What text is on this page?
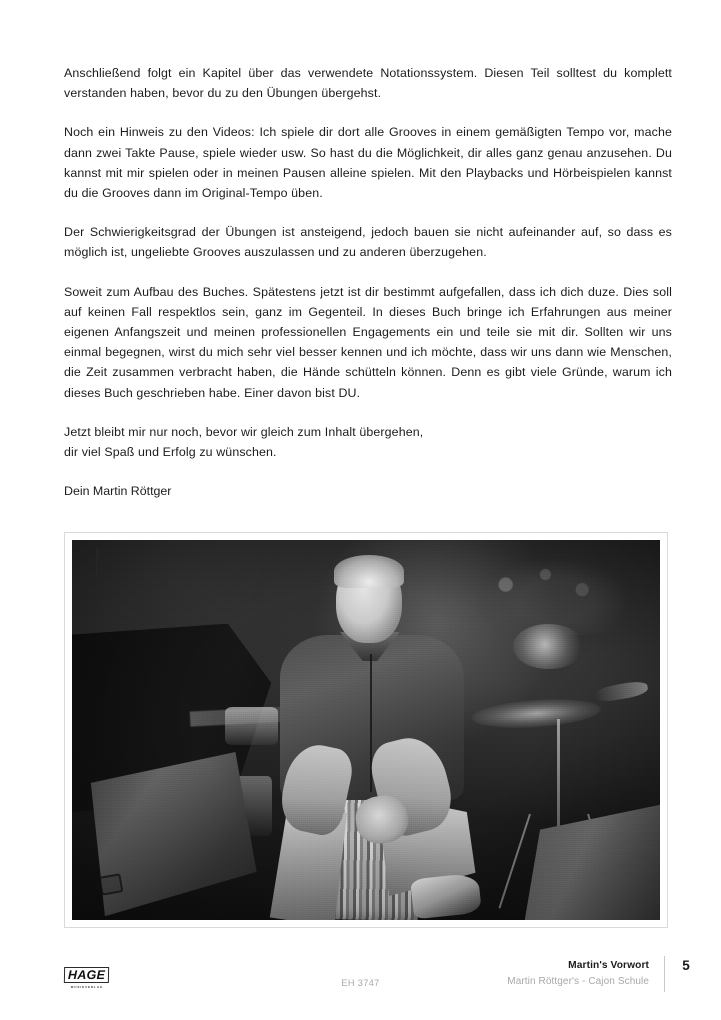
Anschließend folgt ein Kapitel über das verwendete Notationssystem. Diesen Teil solltest du komplett verstanden haben, bevor du zu den Übungen übergehst.

Noch ein Hinweis zu den Videos: Ich spiele dir dort alle Grooves in einem gemäßigten Tempo vor, mache dann zwei Takte Pause, spiele wieder usw. So hast du die Möglichkeit, dir alles ganz genau anzusehen. Du kannst mit mir spielen oder in meinen Pausen alleine spielen. Mit den Playbacks und Hörbeispielen kannst du die Grooves dann im Original-Tempo üben.

Der Schwierigkeitsgrad der Übungen ist ansteigend, jedoch bauen sie nicht aufeinander auf, so dass es möglich ist, ungeliebte Grooves auszulassen und zu anderen überzugehen.

Soweit zum Aufbau des Buches. Spätestens jetzt ist dir bestimmt aufgefallen, dass ich dich duze. Dies soll auf keinen Fall respektlos sein, ganz im Gegenteil. In dieses Buch bringe ich Erfahrungen aus meiner eigenen Anfangszeit und meinen professionellen Engagements ein und teile sie mit dir. Sollten wir uns einmal begegnen, wirst du mich sehr viel besser kennen und ich möchte, dass wir uns dann wie Menschen, die Zeit zusammen verbracht haben, die Hände schütteln können. Denn es gibt viele Gründe, warum ich dieses Buch geschrieben habe. Einer davon bist DU.

Jetzt bleibt mir nur noch, bevor wir gleich zum Inhalt übergehen,
dir viel Spaß und Erfolg zu wünschen.

Dein Martin Röttger

HAGE
MUSIKVERLAG	EH 3747
Martin's Vorwort
Martin Röttger's - Cajon Schule
5
